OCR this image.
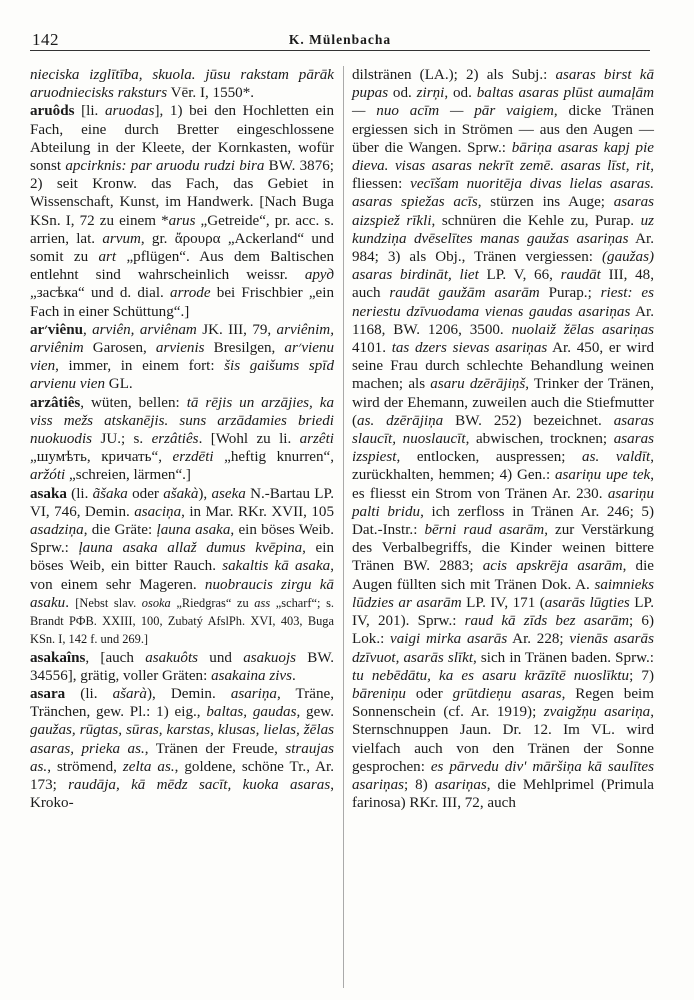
142	K. Mülenbacha

nieciska izglītība, skuola. jūsu rakstam pārāk aruodniecisks raksturs Vēr. I, 1550*.

aruôds [li. aruodas], 1) bei den Hochletten ein Fach, eine durch Bretter eingeschlossene Abteilung in der Kleete, der Kornkasten, wofür sonst apcirknis: par aruodu rudzi bira BW. 3876; 2) seit Kronw. das Fach, das Gebiet in Wissenschaft, Kunst, im Handwerk. [Nach Buga KSn. I, 72 zu einem *arus „Getreide“, pr. acc. s. arrien, lat. arvum, gr. ἄρουρα „Ackerland“ und somit zu art „pflügen“. Aus dem Baltischen entlehnt sind wahrscheinlich weissr. аруд „засѣка“ und d. dial. arrode bei Frischbier „ein Fach in einer Schüttung“.]

ar׳viênu, arviên, arviênam JK. III, 79, arviênim, arviênim Garosen, arvienis Bresilgen, ar׳vienu vien, immer, in einem fort: šis gaišums spīd arvienu vien GL.

arzâtiês, wüten, bellen: tā rējis un arzājies, ka viss mežs atskanējis. suns arzādamies briedi nuokuodis JU.; s. erzâtiês. [Wohl zu li. arzêti „шумѣть, кричать“, erzdēti „heftig knurren“, aržóti „schreien, lärmen“.]

asaka (li. ãšaka oder ašakà), aseka N.-Bartau LP. VI, 746, Demin. asaciņa, in Mar. RKr. XVII, 105 asadziņa, die Gräte: ļauna asaka, ein böses Weib. Sprw.: ļauna asaka allaž dumus kvēpina, ein böses Weib, ein bitter Rauch. sakaltis kā asaka, von einem sehr Mageren. nuobraucis zirgu kā asaku. [Nebst slav. osoka „Riedgras“ zu ass „scharf“; s. Brandt РФВ. XXIII, 100, Zubatý AfslPh. XVI, 403, Buga KSn. I, 142 f. und 269.]

asakaîns, [auch asakuôts und asakuojs BW. 34556], grätig, voller Gräten: asakaina zivs.

asara (li. ašarà), Demin. asariņa, Träne, Tränchen, gew. Pl.: 1) eig., baltas, gaudas, gew. gaužas, rūgtas, sūras, karstas, klusas, lielas, žēlas asaras, prieka as., Tränen der Freude, straujas as., strömend, zelta as., goldene, schöne Tr., Ar. 173; raudāja, kā mēdz sacīt, kuoka asaras, Kroko-

dilstränen (LA.); 2) als Subj.: asaras birst kā pupas od. zirņi, od. baltas asaras plūst aumaļām — nuo acīm — pār vaigiem, dicke Tränen ergiessen sich in Strömen — aus den Augen — über die Wangen. Sprw.: bāriņa asaras kapj pie dieva. visas asaras nekrīt zemē. asaras līst, rit, fliessen: vecīšam nuoritēja divas lielas asaras. asaras spiežas acīs, stürzen ins Auge; asaras aizspiež rīkli, schnüren die Kehle zu, Purap. uz kundziņa dvēselītes manas gaužas asariņas Ar. 984; 3) als Obj., Tränen vergiessen: (gaužas) asaras birdināt, liet LP. V, 66, raudāt III, 48, auch raudāt gaužām asarām Purap.; riest: es neriestu dzīvuodama vienas gaudas asariņas Ar. 1168, BW. 1206, 3500. nuolaiž žēlas asariņas 4101. tas dzers sievas asariņas Ar. 450, er wird seine Frau durch schlechte Behandlung weinen machen; als asaru dzērājiņš, Trinker der Tränen, wird der Ehemann, zuweilen auch die Stiefmutter (as. dzērājiņa BW. 252) bezeichnet. asaras slaucīt, nuoslaucīt, abwischen, trocknen; asaras izspiest, entlocken, auspressen; as. valdīt, zurückhalten, hemmen; 4) Gen.: asariņu upe tek, es fliesst ein Strom von Tränen Ar. 230. asariņu palti bridu, ich zerfloss in Tränen Ar. 246; 5) Dat.-Instr.: bērni raud asarām, zur Verstärkung des Verbalbegriffs, die Kinder weinen bittere Tränen BW. 2883; acis apskrēja asarām, die Augen füllten sich mit Tränen Dok. A. saimnieks lūdzies ar asarām LP. IV, 171 (asarās lūgties LP. IV, 201). Sprw.: raud kā zīds bez asarām; 6) Lok.: vaigi mirka asarās Ar. 228; vienās asarās dzīvuot, asarās slīkt, sich in Tränen baden. Sprw.: tu nebēdātu, ka es asaru krāzītē nuoslīktu; 7) bāreniņu oder grūtdieņu asaras, Regen beim Sonnenschein (cf. Ar. 1919); zvaigžņu asariņa, Sternschnuppen Jaun. Dr. 12. Im VL. wird vielfach auch von den Tränen der Sonne gesprochen: es pārvedu div' māršiņa kā saulītes asariņas; 8) asariņas, die Mehlprimel (Primula farinosa) RKr. III, 72, auch
